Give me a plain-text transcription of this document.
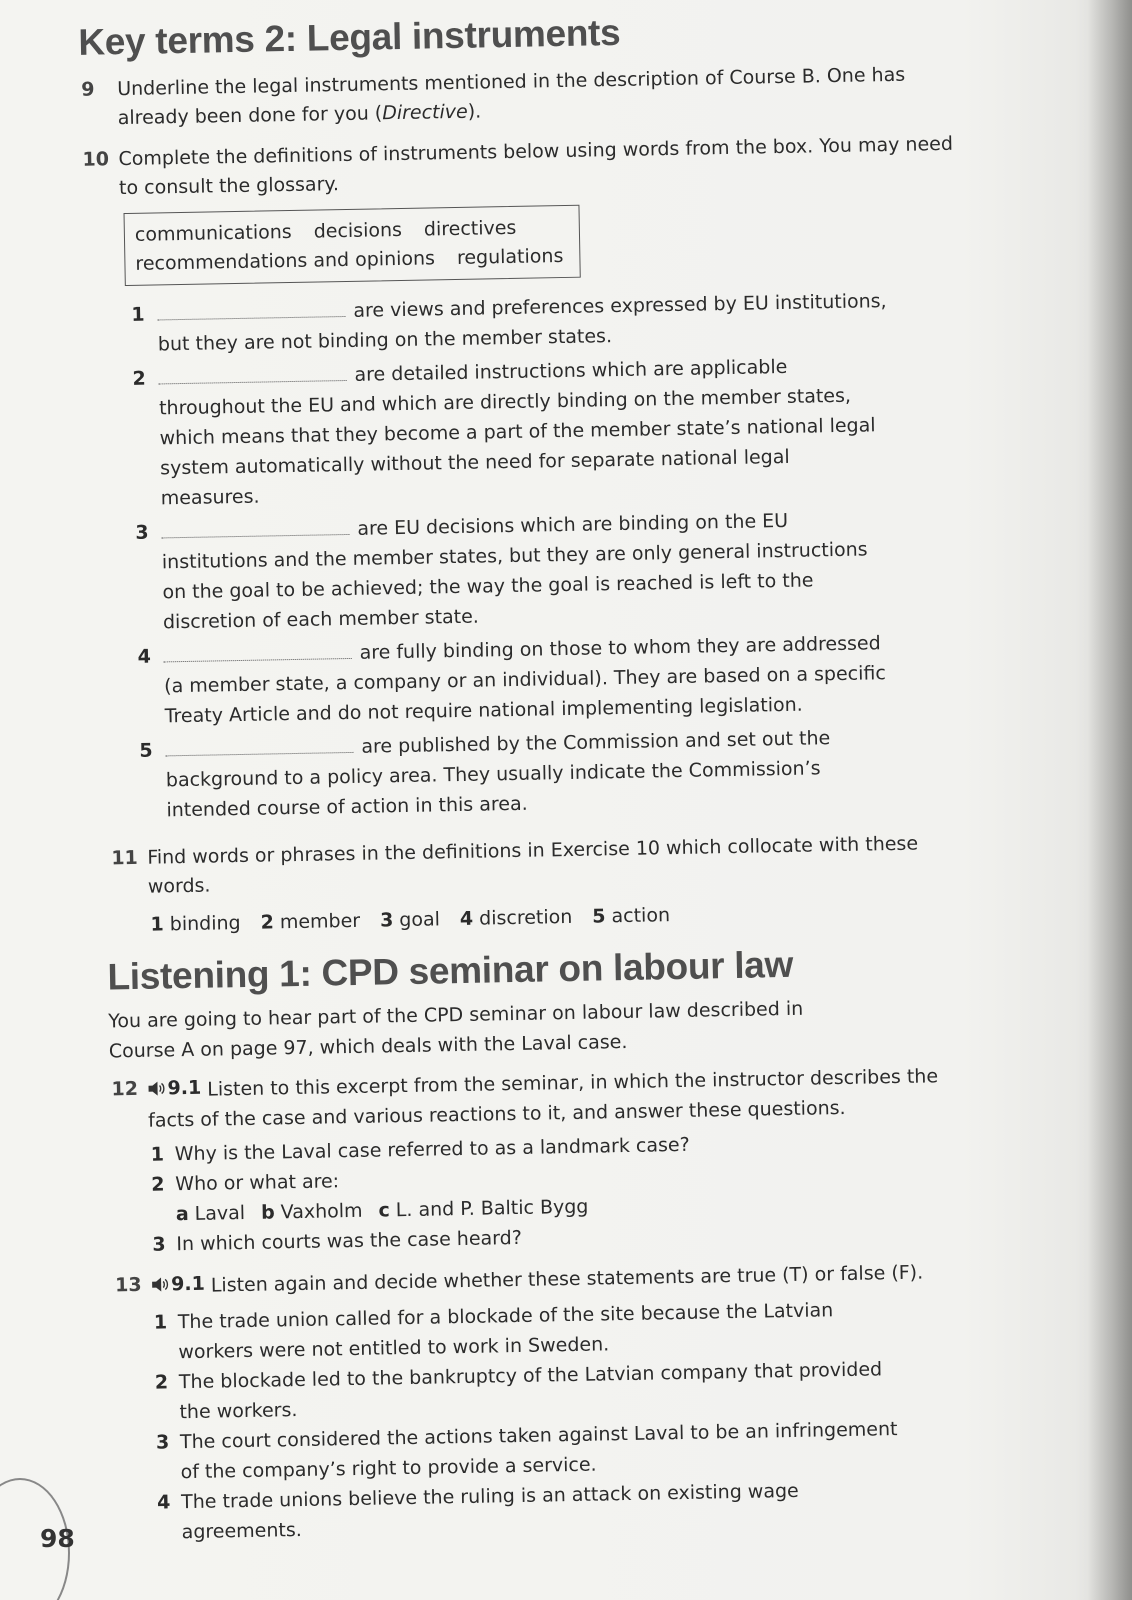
Key terms 2: Legal instruments
9	Underline the legal instruments mentioned in the description of Course B. One has already been done for you (Directive).
10 Complete the definitions of instruments below using words from the box. You may need to consult the glossary.
communications decisions directives
recommendations and opinions regulations
1	are views and preferences expressed by EU institutions, but they are not binding on the member states.
2	are detailed instructions which are applicable throughout the EU and which are directly binding on the member states, which means that they become a part of the member state’s national legal system automatically without the need for separate national legal measures.
3	are EU decisions which are binding on the EU institutions and the member states, but they are only general instructions on the goal to be achieved; the way the goal is reached is left to the discretion of each member state.
4	are fully binding on those to whom they are addressed (a member state, a company or an individual). They are based on a specific Treaty Article and do not require national implementing legislation.
5	are published by the Commission and set out the background to a policy area. They usually indicate the Commission’s intended course of action in this area.
11 Find words or phrases in the definitions in Exercise 10 which collocate with these words.
1 binding 2 member 3 goal 4 discretion 5 action
Listening 1: CPD seminar on labour law

You are going to hear part of the CPD seminar on labour law described in Course A on page 97, which deals with the Laval case.

12	9.1 Listen to this excerpt from the seminar, in which the instructor describes the facts of the case and various reactions to it, and answer these questions.
1 Why is the Laval case referred to as a landmark case?
2 Who or what are:
a Laval b Vaxholm c L. and P. Baltic Bygg
3 In which courts was the case heard?
13	9.1 Listen again and decide whether these statements are true (T) or false (F).
1 The trade union called for a blockade of the site because the Latvian workers were not entitled to work in Sweden.
2 The blockade led to the bankruptcy of the Latvian company that provided the workers.
3 The court considered the actions taken against Laval to be an infringement of the company’s right to provide a service.
4 The trade unions believe the ruling is an attack on existing wage agreements.
98
